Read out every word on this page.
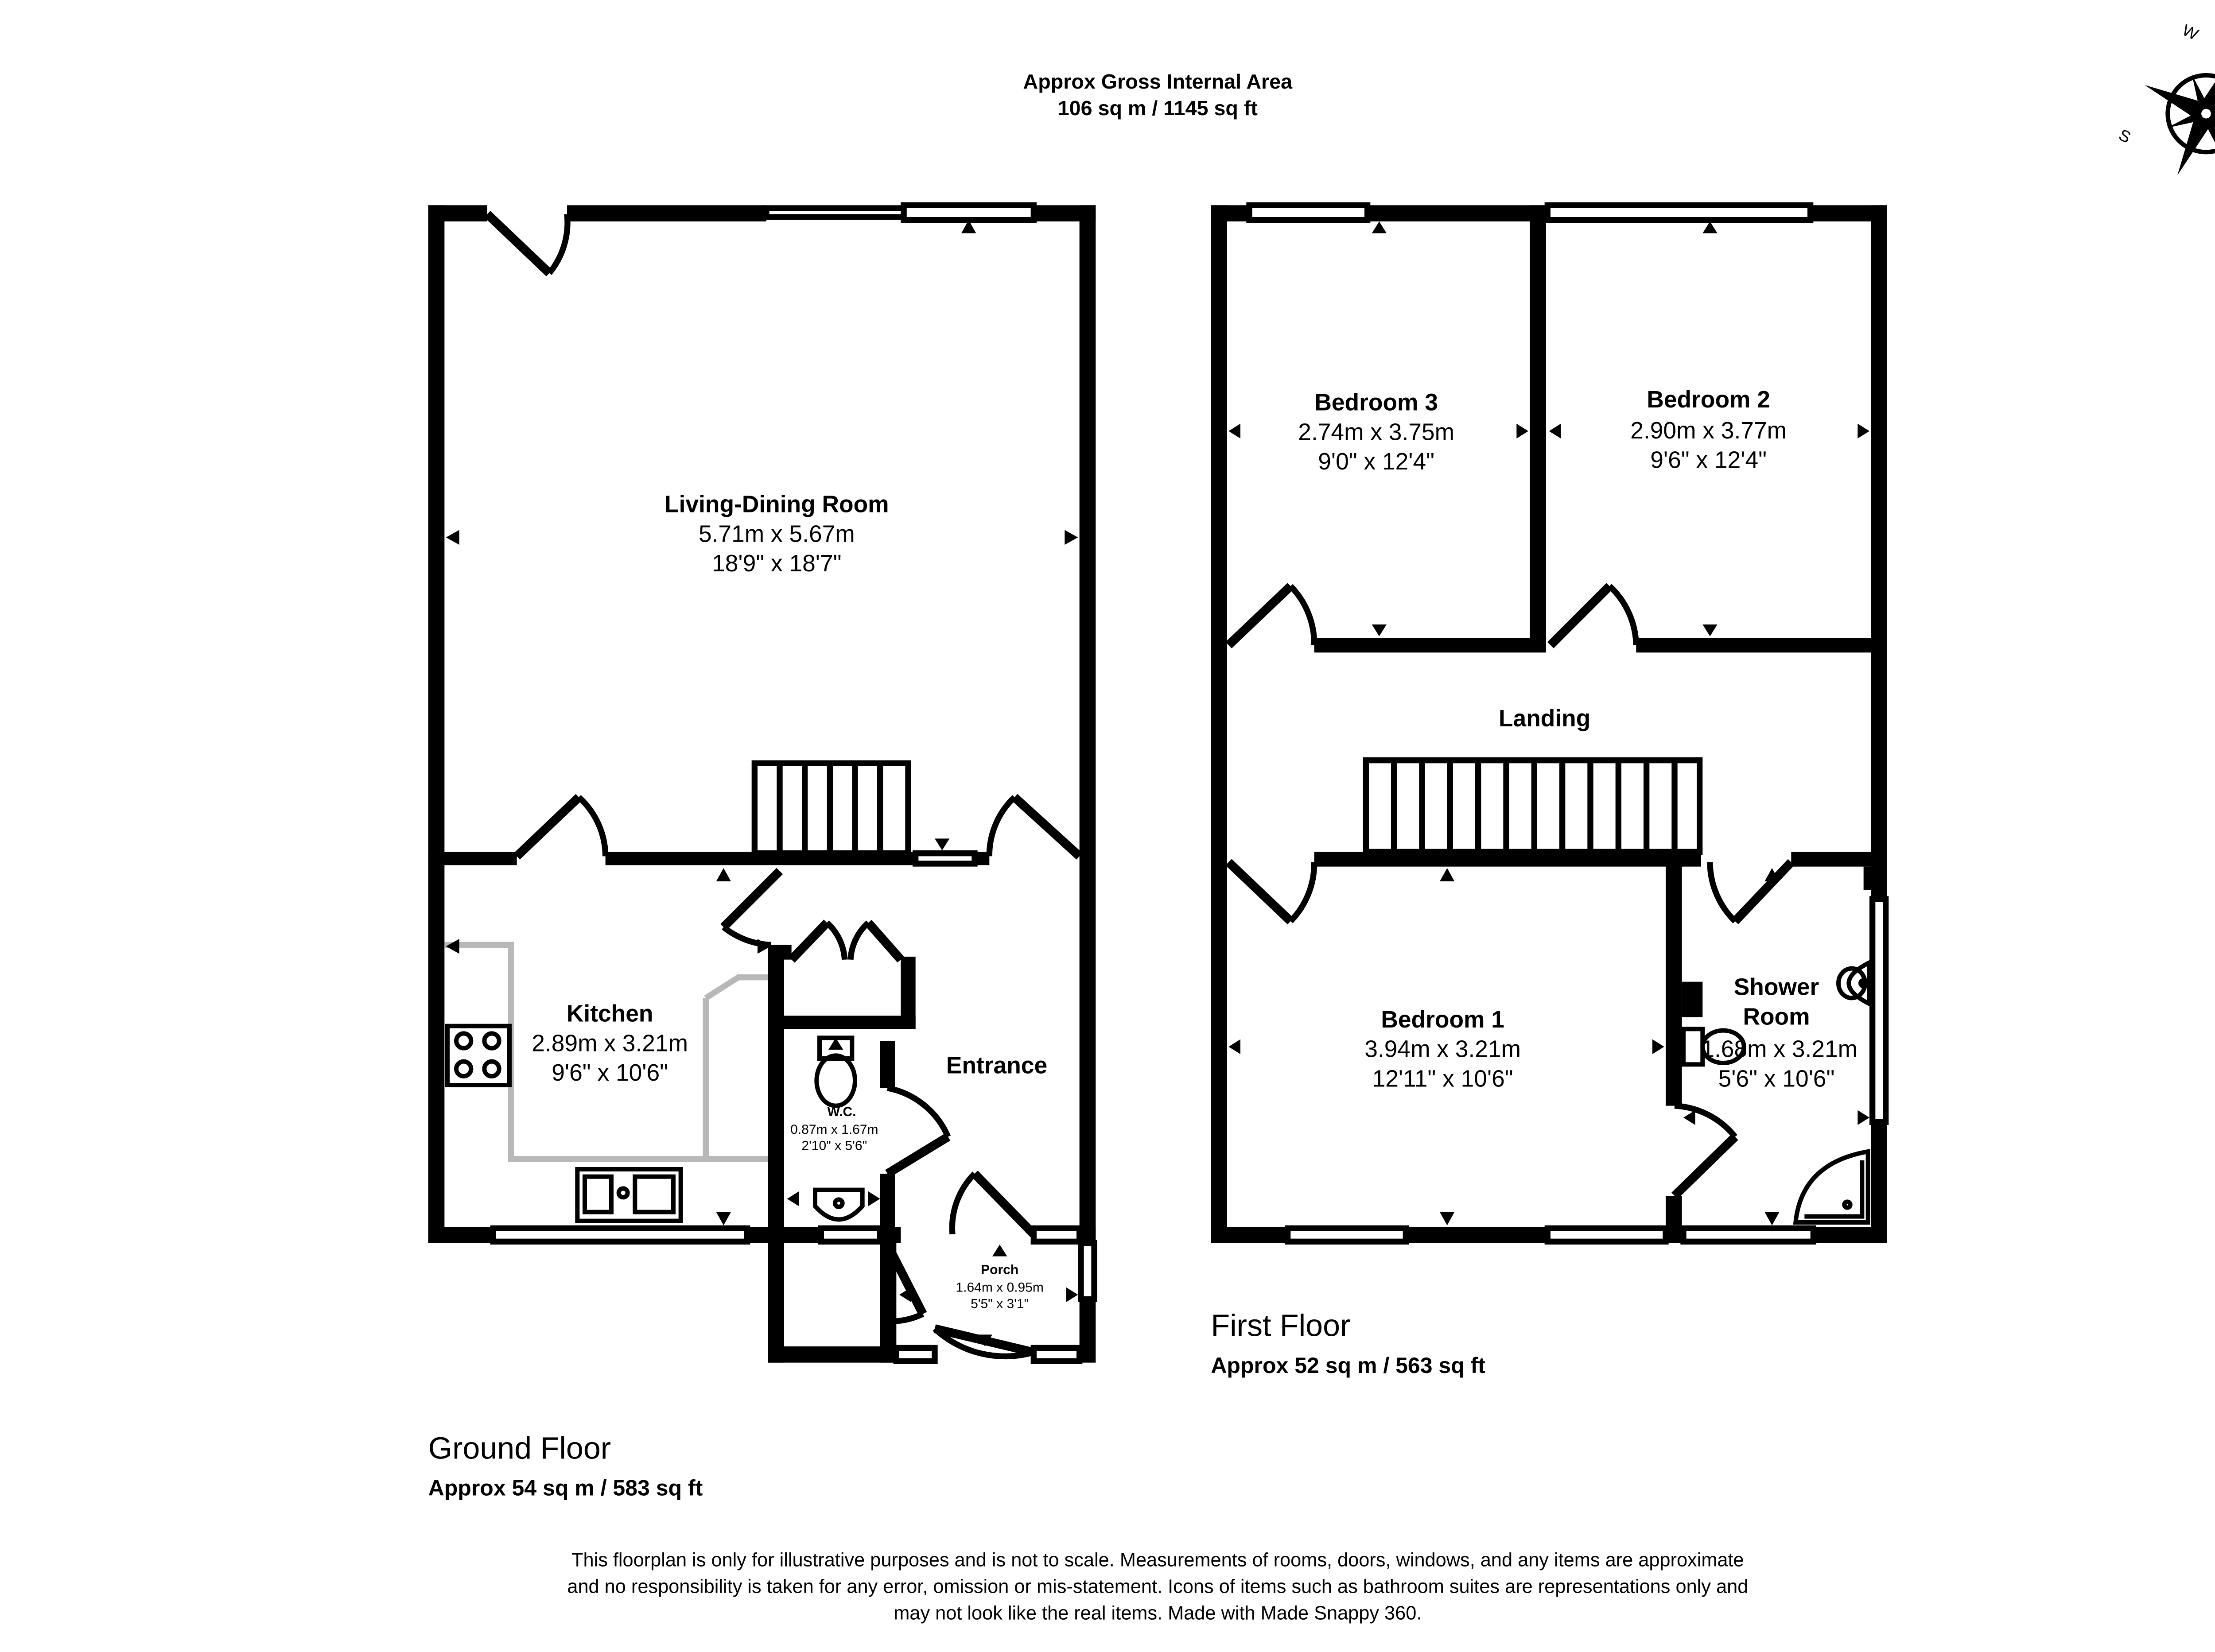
Approx Gross Internal Area
106 sq m / 1145 sq ft
S
W
Living-Dining Room
5.71m x 5.67m
18'9" x 18'7"
Kitchen
2.89m x 3.21m
9'6" x 10'6"	Entrance
W.C.
0.87m x 1.67m
2'10" x 5'6"
Porch
1.64m x 0.95m
5'5" x 3'1"
Ground Floor
Approx 54 sq m / 583 sq ft
Bedroom 3
2.74m x 3.75m
9'0" x 12'4"
Bedroom 2
2.90m x 3.77m
9'6" x 12'4"
Landing
Bedroom 1
3.94m x 3.21m
12'11" x 10'6"
Shower
Room
1.68m x 3.21m
5'6" x 10'6"
First Floor
Approx 52 sq m / 563 sq ft
This floorplan is only for illustrative purposes and is not to scale. Measurements of rooms, doors, windows, and any items are approximate
and no responsibility is taken for any error, omission or mis-statement. Icons of items such as bathroom suites are representations only and
may not look like the real items. Made with Made Snappy 360.
